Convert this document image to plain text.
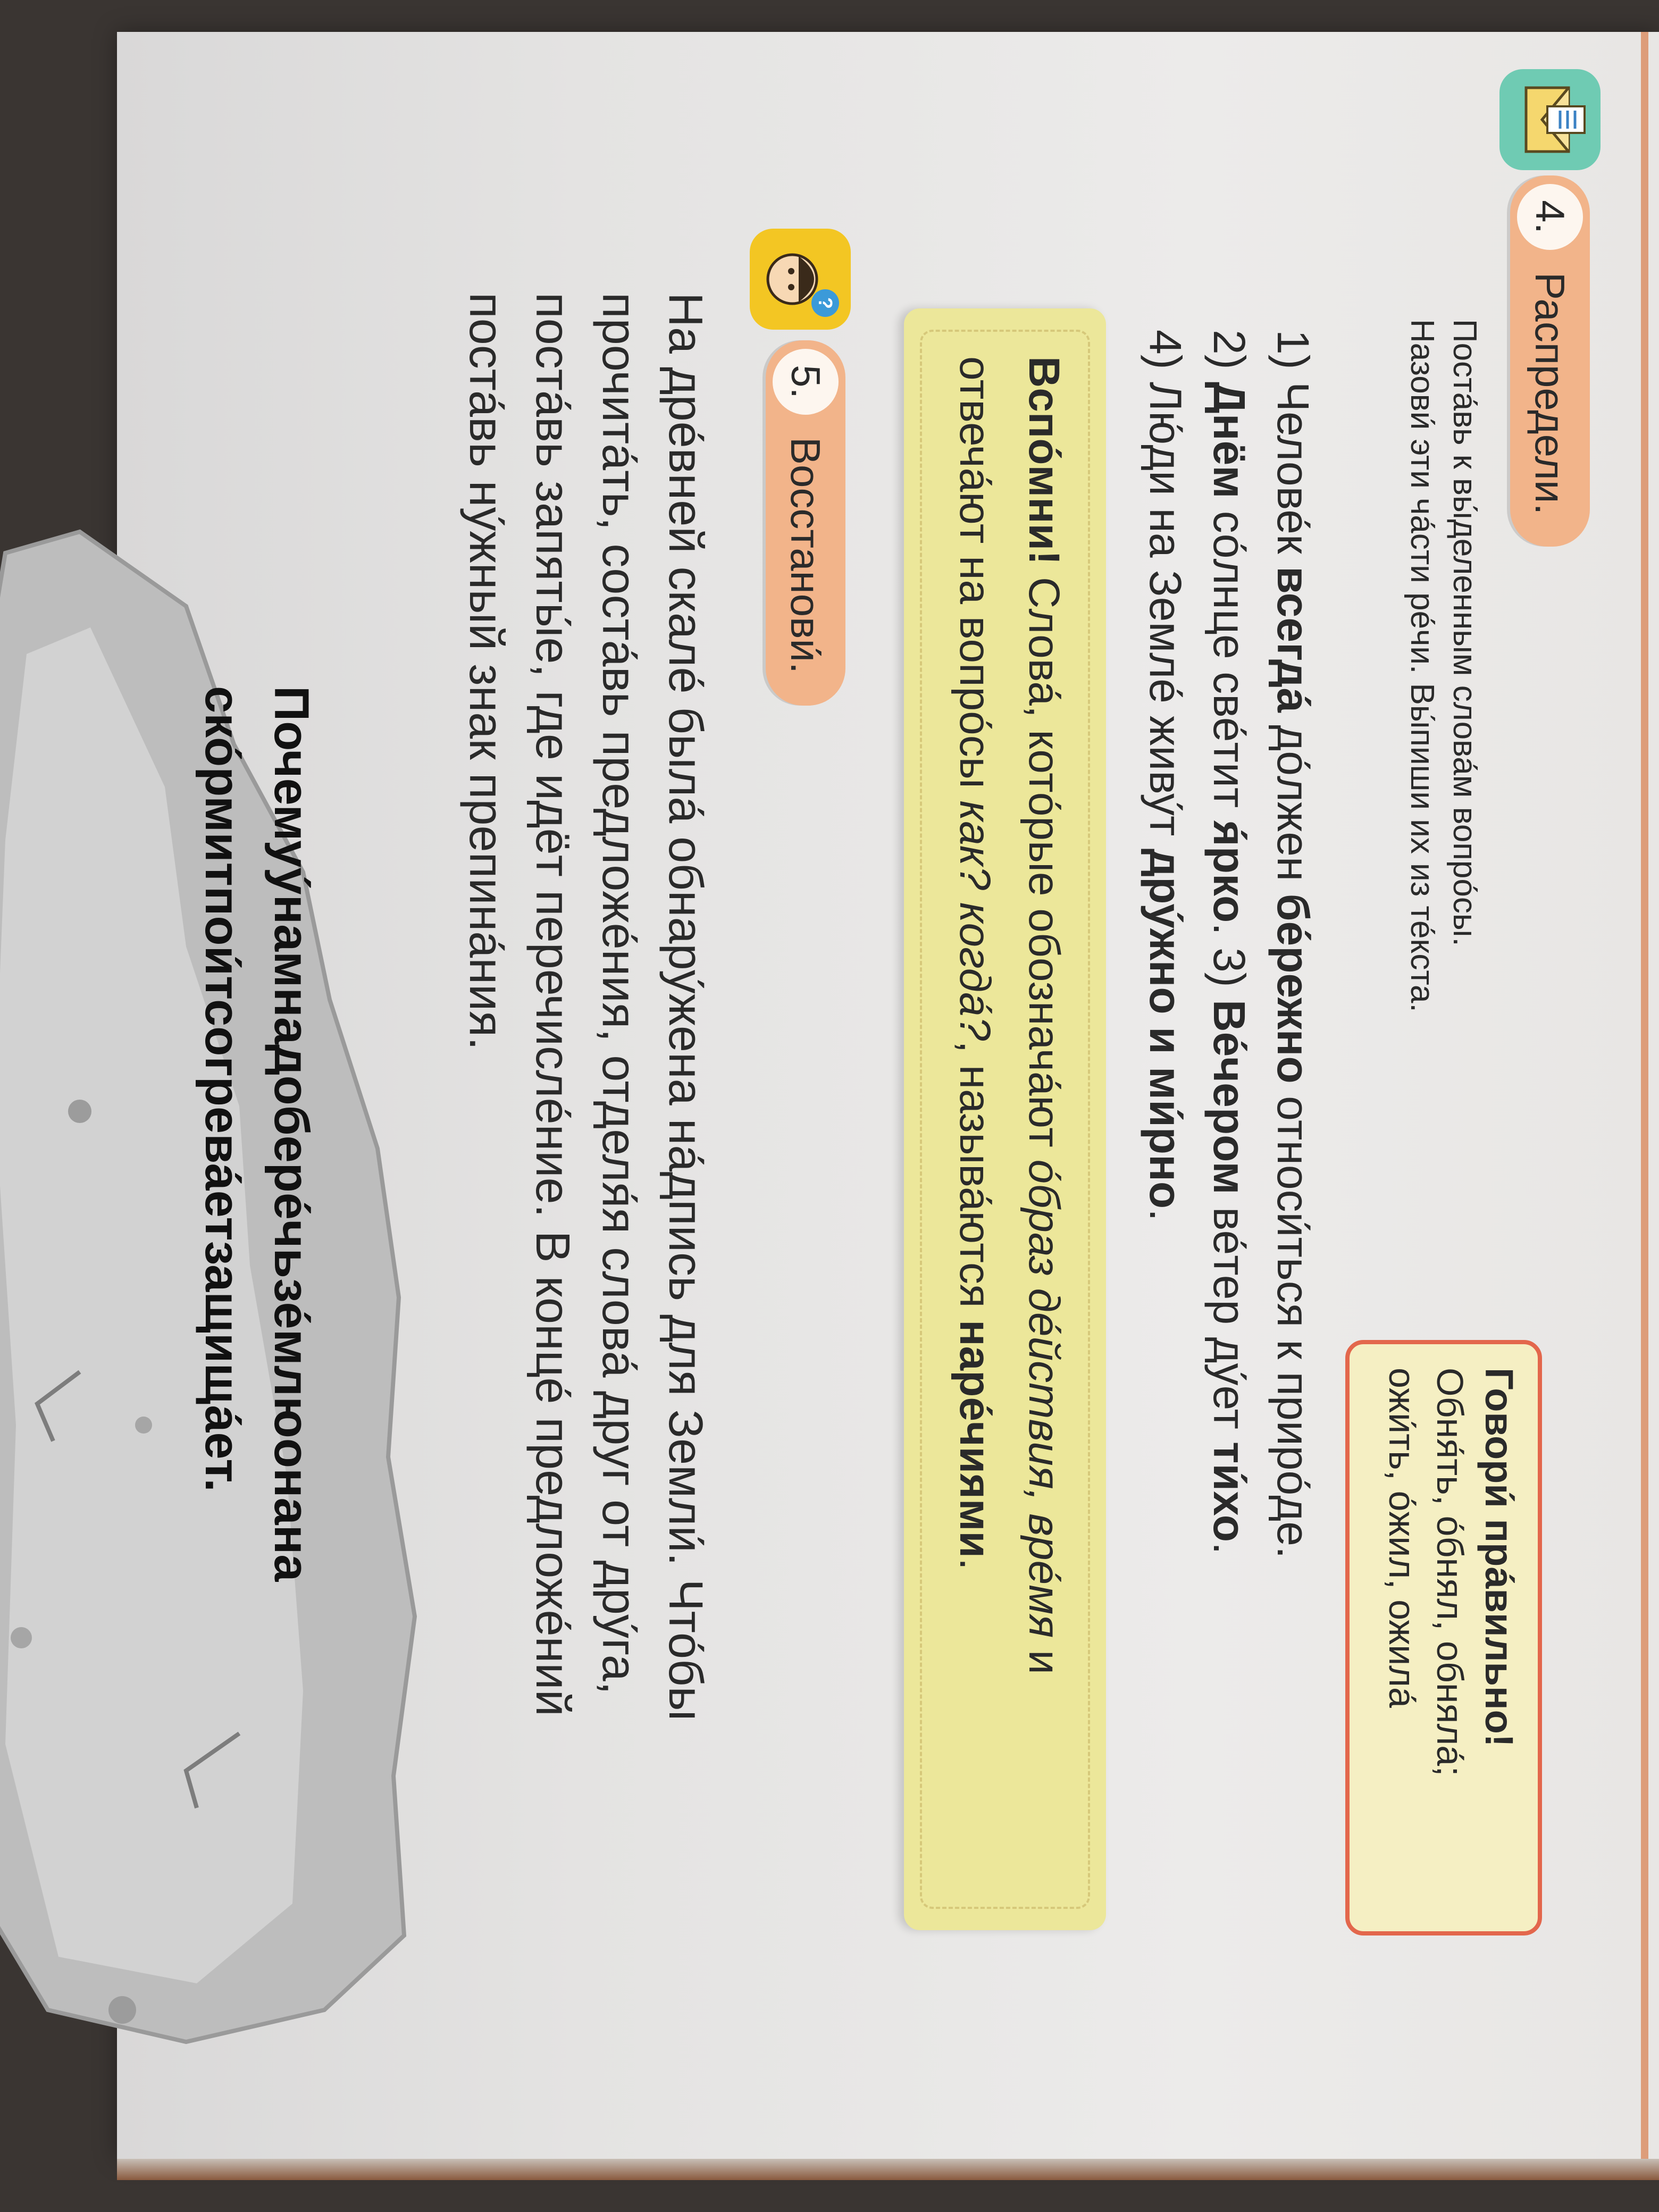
4.
Распредели.
Поста́вь к вы́деленным слова́м вопро́сы.
Назови́ эти ча́сти ре́чи. Вы́пиши их из те́кста.
Говори́ пра́вильно!
Обня́ть, о́бнял, обняла́;
ожи́ть, о́жил, ожила́
1) Челове́к всегда́ до́лжен бе́режно относи́ться к приро́де.
2) Днём со́лнце све́тит я́рко. 3) Ве́чером ве́тер ду́ет ти́хо.
4) Лю́ди на Земле́ живу́т дру́жно и ми́рно.
Вспо́мни! Слова́, кото́рые обознача́ют о́браз де́йствия, вре́мя и
отвеча́ют на вопро́сы как? когда́?, называ́ются наре́чиями.
?
5.
Восстанови́.
На дре́вней скале́ была́ обнару́жена на́дпись для Земли́. Что́бы
прочита́ть, соста́вь предложе́ния, отделя́я слова́ друг от дру́га,
поста́вь запяты́е, где идёт перечисле́ние. В конце́ предложе́ний
поста́вь ну́жный знак препина́ния.
Почемуу́намнадобере́чьзе́млюонана
ско́рмитпои́тсогрева́етзащища́ет.
